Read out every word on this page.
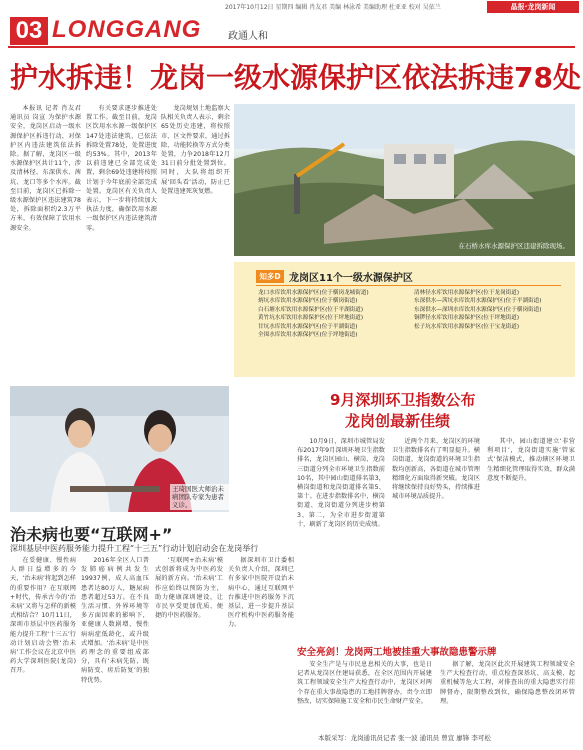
2017年10月12日 星期四 编辑 肖友君 美编 林泳希 美编助理 杜亚亚 校对 吴依兰	晶报·龙岗新闻
03 LONGGANG	政通人和
护水拆违！龙岗一级水源保护区依法拆违78处

本报讯 记者 肖友君 通讯员 岗宣 为保护水源安全，龙岗区启动一级水源保护区拆违行动，对保护区内违法建筑依法拆除。据了解，龙岗区一级水源保护区共计11个，涉及清林径、东深供水、茜坑、龙口等多个水库。截至目前，龙岗区已拆除一级水源保护区违法建筑78处，拆除面积约2.3万平方米，有效保障了饮用水源安全。

有关要求逐步推进处置工作。截至目前，龙岗区饮用水水源一级保护区147处违法建筑，已依法拆除处置78处，处置进度约53%。其中，2013年以前违建已全部完成处置，剩余69处违建将按照计划于今年底前全部完成处置。龙岗区有关负责人表示，下一步将持续加大执法力度，确保饮用水源一级保护区内违法建筑清零。

龙岗规划土地监察大队相关负责人表示，剩余65处历史违建，将按照市、区文件要求，通过拆除、功能转换等方式分类处置，力争2018年12月31日前分批处置到位。同时，大队将组织开展‘回头看’活动，防止已处置违建死灰复燃。

在石桥水库水源保护区违建拆除现场。
知多D 龙岗区11个一级水源保护区
龙口水库饮用水源保护区(位于横岗龙城街道)
炳坑水库饮用水源保护区(位于横岗街道)
白石塘水库饮用水源保护区(位于平湖街道)
黄竹坑水库饮用水源保护区(位于坪地街道)
甘坑水库饮用水源保护区(位于平湖街道)
全围水库饮用水源保护区(位于坪地街道)
清林径水库饮用水源保护区(位于龙岗街道)
东深供水—茜坑水库饮用水源保护区(位于平湖街道)
东深供水—深圳水库饮用水源保护区(位于横岗街道)
铜锣径水库饮用水源保护区(位于坪地街道)
松子坑水库饮用水源保护区(位于宝龙街道)
王琦国医大师治未病团队专家为患者义诊。
治未病也要“互联网+”
深圳基层中医药服务能力提升工程“十三五”行动计划启动会在龙岗举行

在妥健康、慢性病人群日益增多的今天，‘治未病’将起到怎样的重要作用？在互联网+时代，传承古今的‘治未病’又将与怎样的新模式相结合？10月11日，深圳市基层中医药服务能力提升工程‘十三五’行动计划启动会暨‘治未病’工作会议在北京中医药大学深圳医院(龙岗)召开。

2016年全区人口普发肺癌病例共发生19937例，成人高血压患者达80万人，糖尿病患者超过53万。在不良生活习惯、外界环境等多方面因素的影响下，亚健康人数剧增，慢性病病症低龄化，或升级式增加。‘治未病’是中医药理念的重要组成部分，具有‘未病先防、既病防变、瘥后防复’的独特优势。

‘互联网+治未病’模式创新将成为中医药发展的新方向。‘治未病’工作应始终以预防为主，助力健康深圳建设，让市民享受更加优质、便捷的中医药服务。

据深圳市卫计委相关负责人介绍，深圳已有多家中医院开设治未病中心，通过互联网平台推进中医药服务下沉基层，进一步提升基层医疗机构中医药服务能力。

9月深圳环卫指数公布
龙岗创最新佳绩

10月9日，深圳市城管局发布2017年9月深圳环境卫生指数排名，龙岗区园山、横岗、龙岗三街道分列全市环境卫生指数前10名，其中园山街道排名第3，横岗街道和龙岗街道排名第5、第十。在进步指数排名中，横岗街道、龙岗街道分列进步榜第3、第二，为全市进步街道第十，刷新了龙岗区的历史成绩。

近两个月来，龙岗区的环境卫生指数排名有了明显提升。横岗街道、龙岗街道的环境卫生指数均创新高，各街道在城市管理精细化方面取得新突破。龙岗区将继续保持良好势头，持续推进城市环境品质提升。

其中，园山街道建立‘非营利项目’，龙岗街道实施‘管家式’保洁模式，推动辖区环境卫生精细化管理取得实效，群众满意度不断提升。

安全亮剑！龙岗两工地被挂重大事故隐患警示牌

安全生产是与市民息息相关的大事，也是日记者从龙岗区住建局获悉，在全区范围内开展建筑工程领域安全生产大检查行动中，龙岗区对两个存在重大事故隐患的工地挂牌督办，责令立即整改，切实保障施工安全和市民生命财产安全。

据了解，龙岗区此次开展建筑工程领域安全生产大检查行动，重点检查深基坑、高支模、起重机械等危大工程，对排查出的重大隐患实行挂牌督办，限期整改到位，确保隐患整改闭环管理。

本版采写：龙岗通讯员记者 张一波 通讯员 曾宣 廖锋 李可松
